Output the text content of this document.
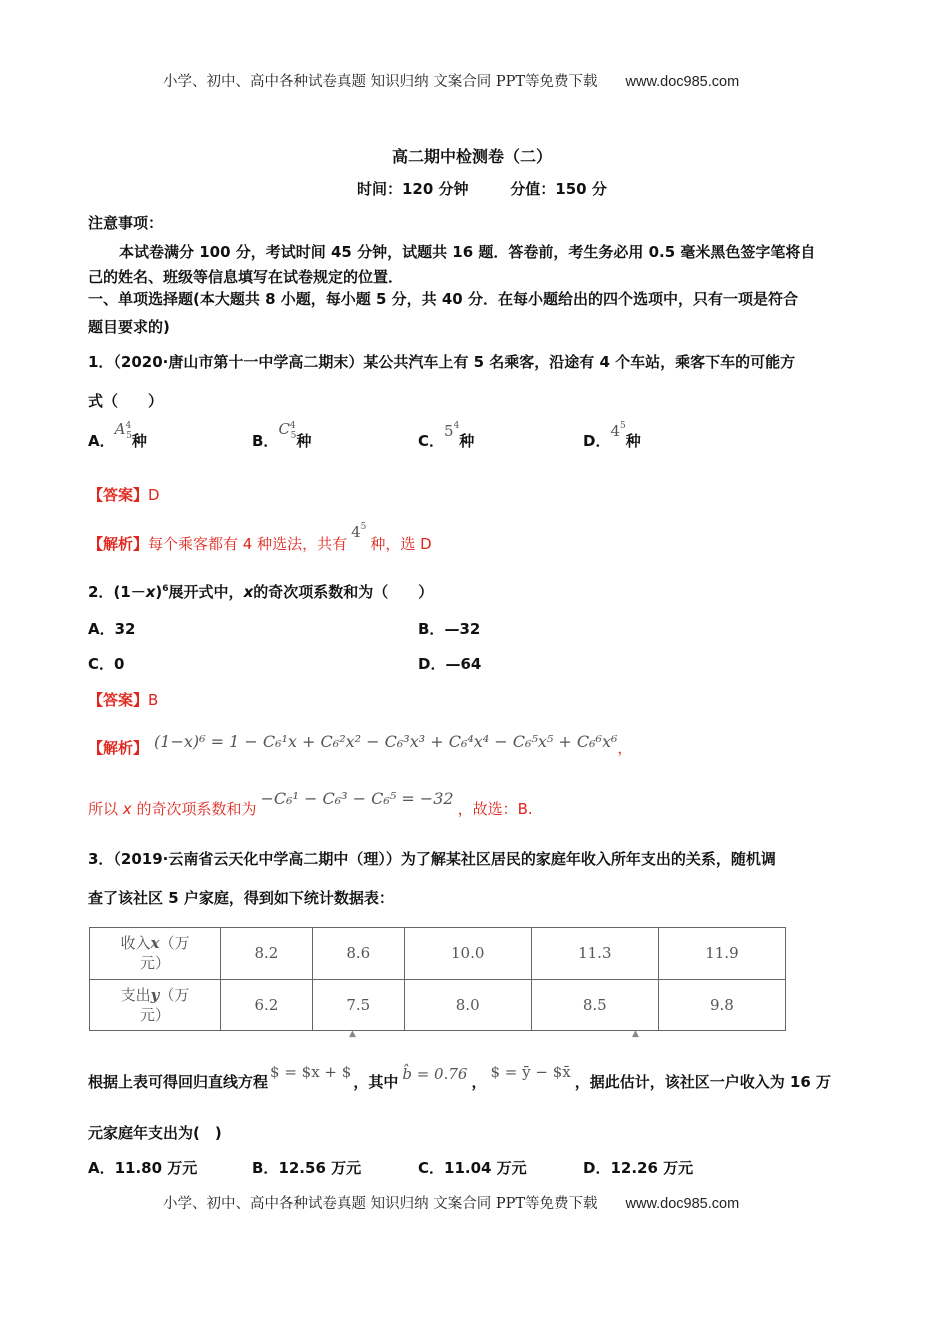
小学、初中、高中各种试卷真题 知识归纳 文案合同 PPT等免费下载 www.doc985.com
高二期中检测卷（二）
时间：120 分钟        分值：150 分
注意事项：
本试卷满分 100 分，考试时间 45 分钟，试题共 16 题．答卷前，考生务必用 0.5 毫米黑色签字笔将自
己的姓名、班级等信息填写在试卷规定的位置．
一、单项选择题(本大题共 8 小题，每小题 5 分，共 40 分．在每小题给出的四个选项中，只有一项是符合
题目要求的)
1．（2020·唐山市第十一中学高二期末）某公共汽车上有 5 名乘客，沿途有 4 个车站，乘客下车的可能方
式（　　）
A．$A^4_5$种	B．$C^4_5$种	C．$5^4$种	D．$4^5$种
【答案】D
【解析】每个乘客都有 4 种选法，共有$4^5$种，选 D
2．$(1-x)^6$展开式中，x的奇次项系数和为（　　）
A．32	B．—32
C．0	D．—64
【答案】B
【解析】 (1−x)⁶ = 1 − C₆¹x + C₆²x² − C₆³x³ + C₆⁴x⁴ − C₆⁵x⁵ + C₆⁶x⁶，
所以 x 的奇次项系数和为−C₆¹ − C₆³ − C₆⁵ = −32，故选：B.
3．（2019·云南省云天化中学高二期中（理））为了解某社区居民的家庭年收入所年支出的关系，随机调
查了该社区 5 户家庭，得到如下统计数据表：
收入x（万
元）	8.2	8.6	10.0	11.3	11.9
支出y（万
元）	6.2	7.5	8.0	8.5	9.8
▲	▲
根据上表可得回归直线方程$ = $x + $，其中 b̂ = 0.76 ，$ = ȳ − $x̄，据此估计，该社区一户收入为 16 万
元家庭年支出为(　)
A．11.80 万元	B．12.56 万元	C．11.04 万元	D．12.26 万元
小学、初中、高中各种试卷真题 知识归纳 文案合同 PPT等免费下载 www.doc985.com
